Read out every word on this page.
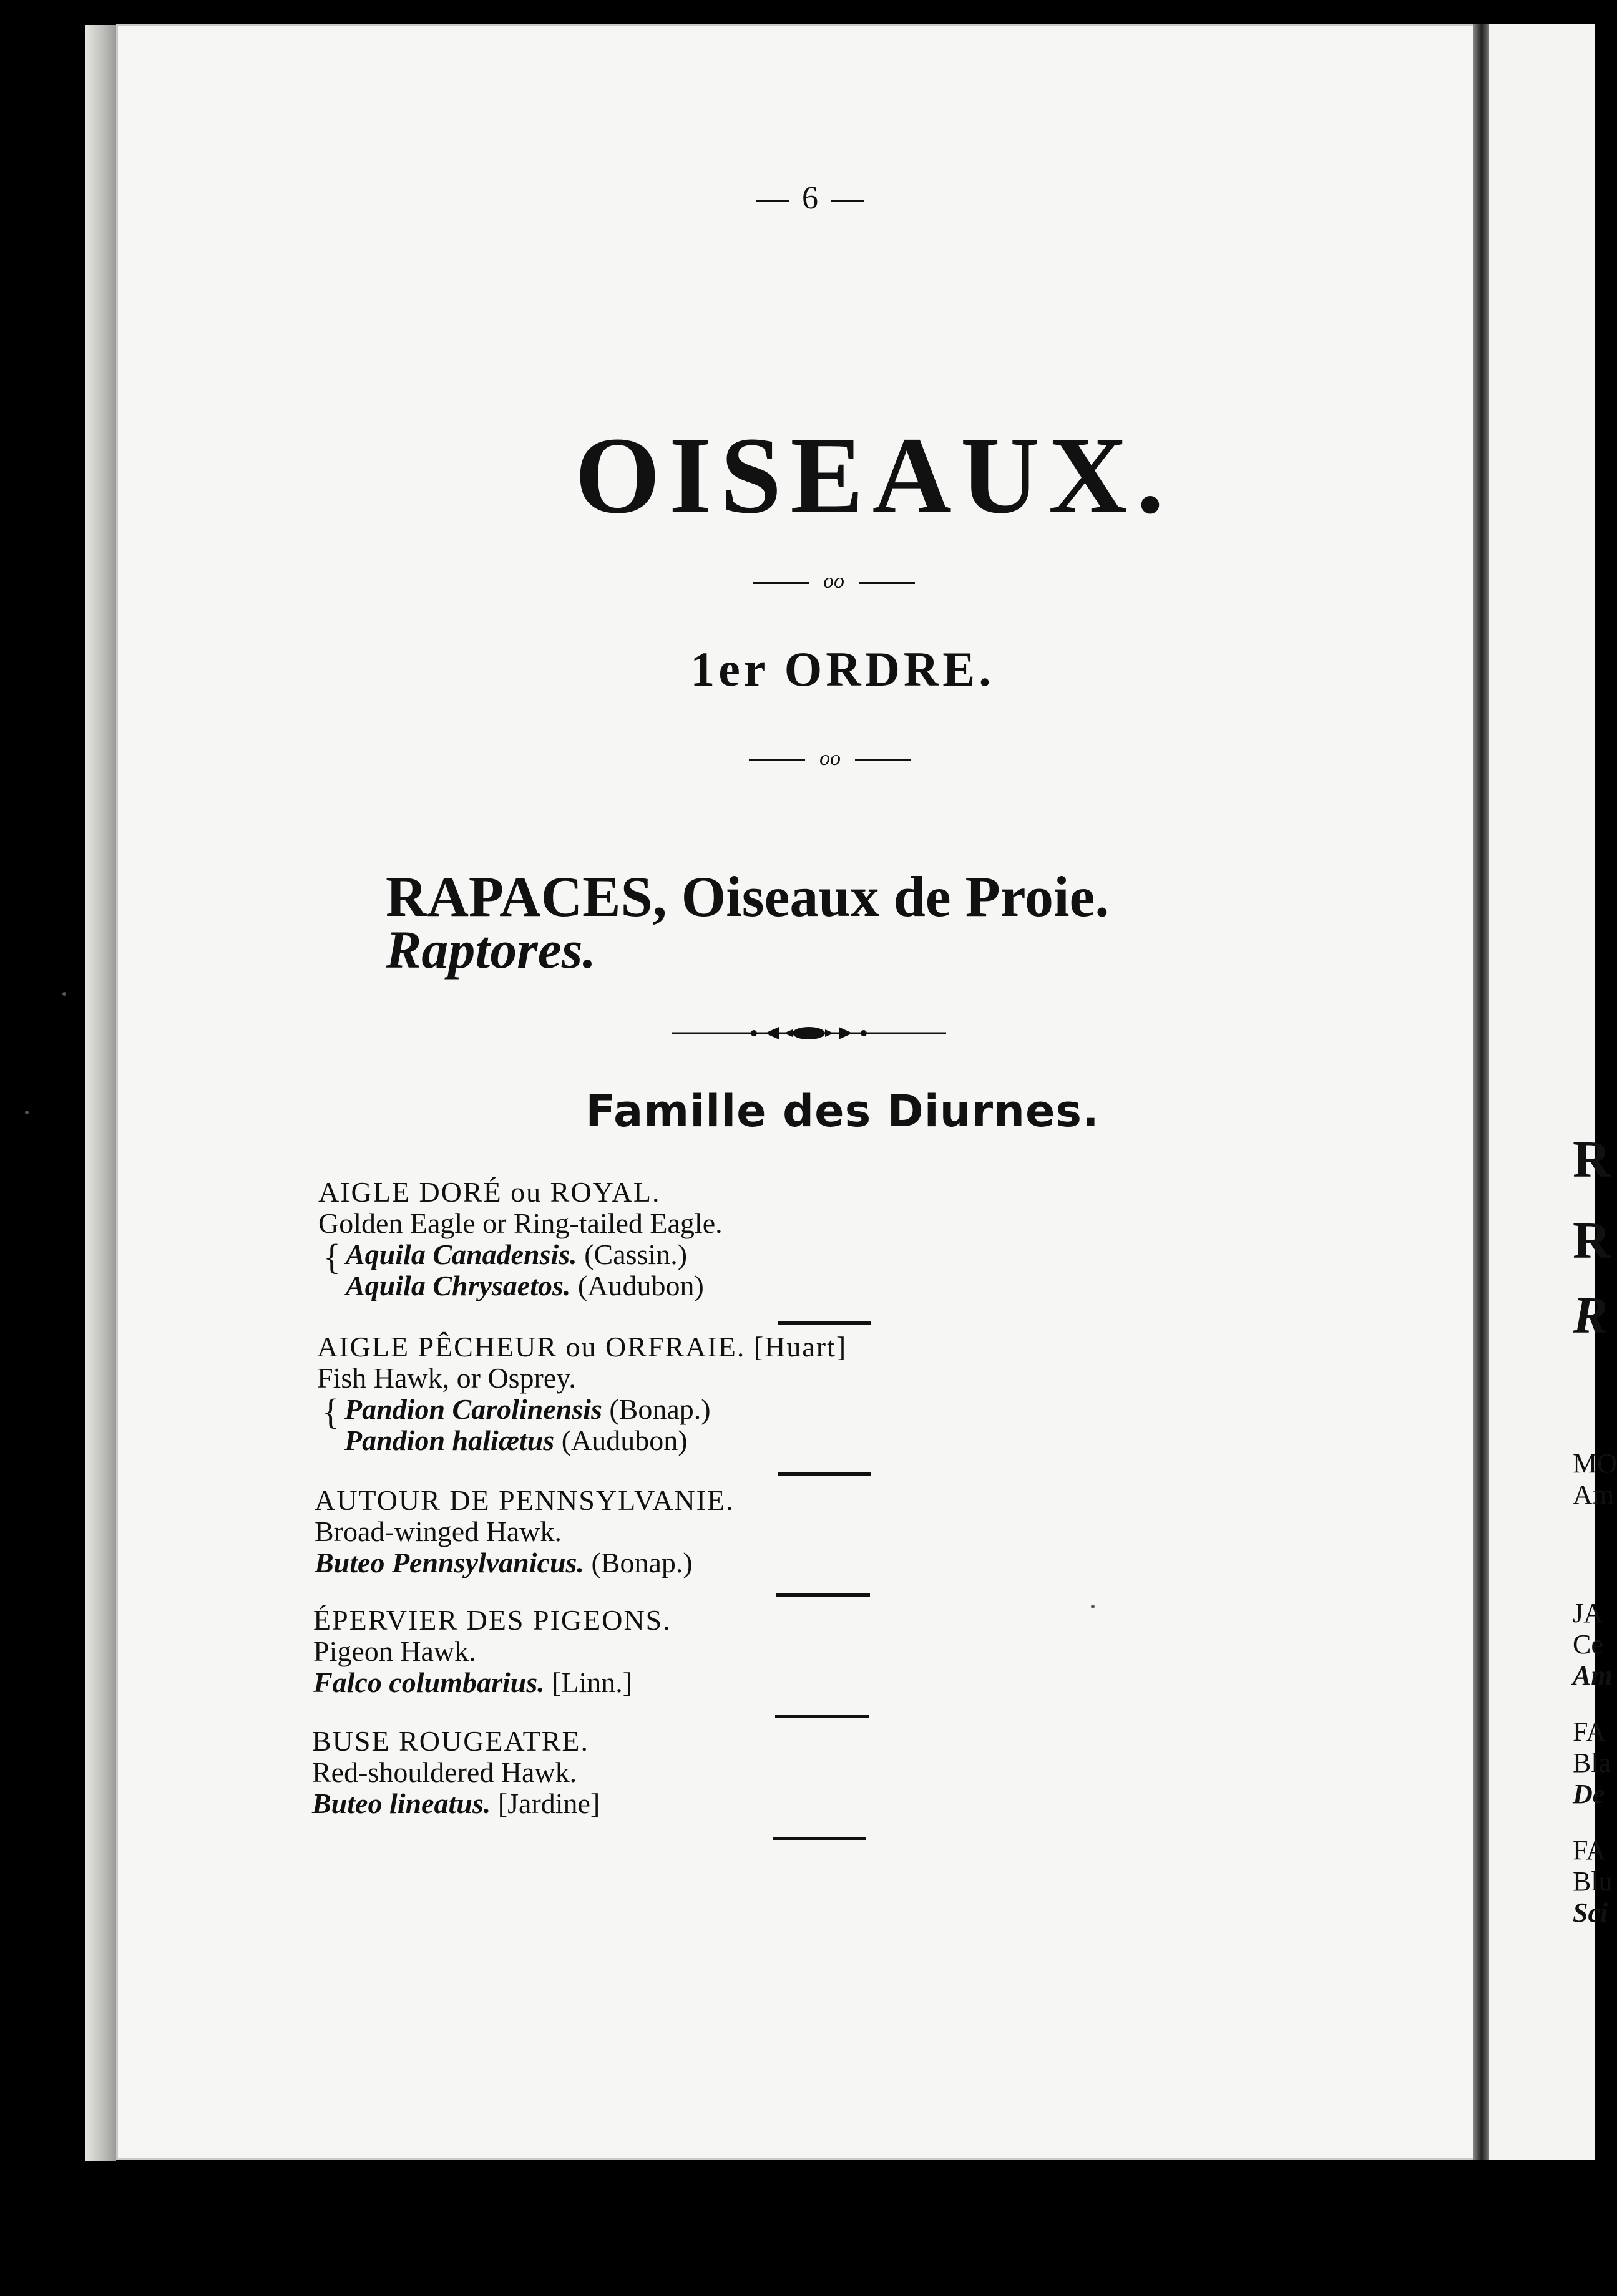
— 6 —
OISEAUX.
oo
1er ORDRE.
oo
RAPACES, Oiseaux de Proie.
Raptores.
Famille des Diurnes.
AIGLE DORÉ ou ROYAL.
Golden Eagle or Ring-tailed Eagle.
{ Aquila Canadensis. (Cassin.)
Aquila Chrysaetos. (Audubon)
AIGLE PÊCHEUR ou ORFRAIE. [Huart]
Fish Hawk, or Osprey.
{ Pandion Carolinensis (Bonap.)
Pandion haliætus (Audubon)
AUTOUR DE PENNSYLVANIE.
Broad-winged Hawk.
Buteo Pennsylvanicus. (Bonap.)
ÉPERVIER DES PIGEONS.
Pigeon Hawk.
Falco columbarius. [Linn.]
BUSE ROUGEATRE.
Red-shouldered Hawk.
Buteo lineatus. [Jardine]
R
R
R
MO
Am
JA
Ce
Am
FA
Bla
De
FA
Blu
Sci
